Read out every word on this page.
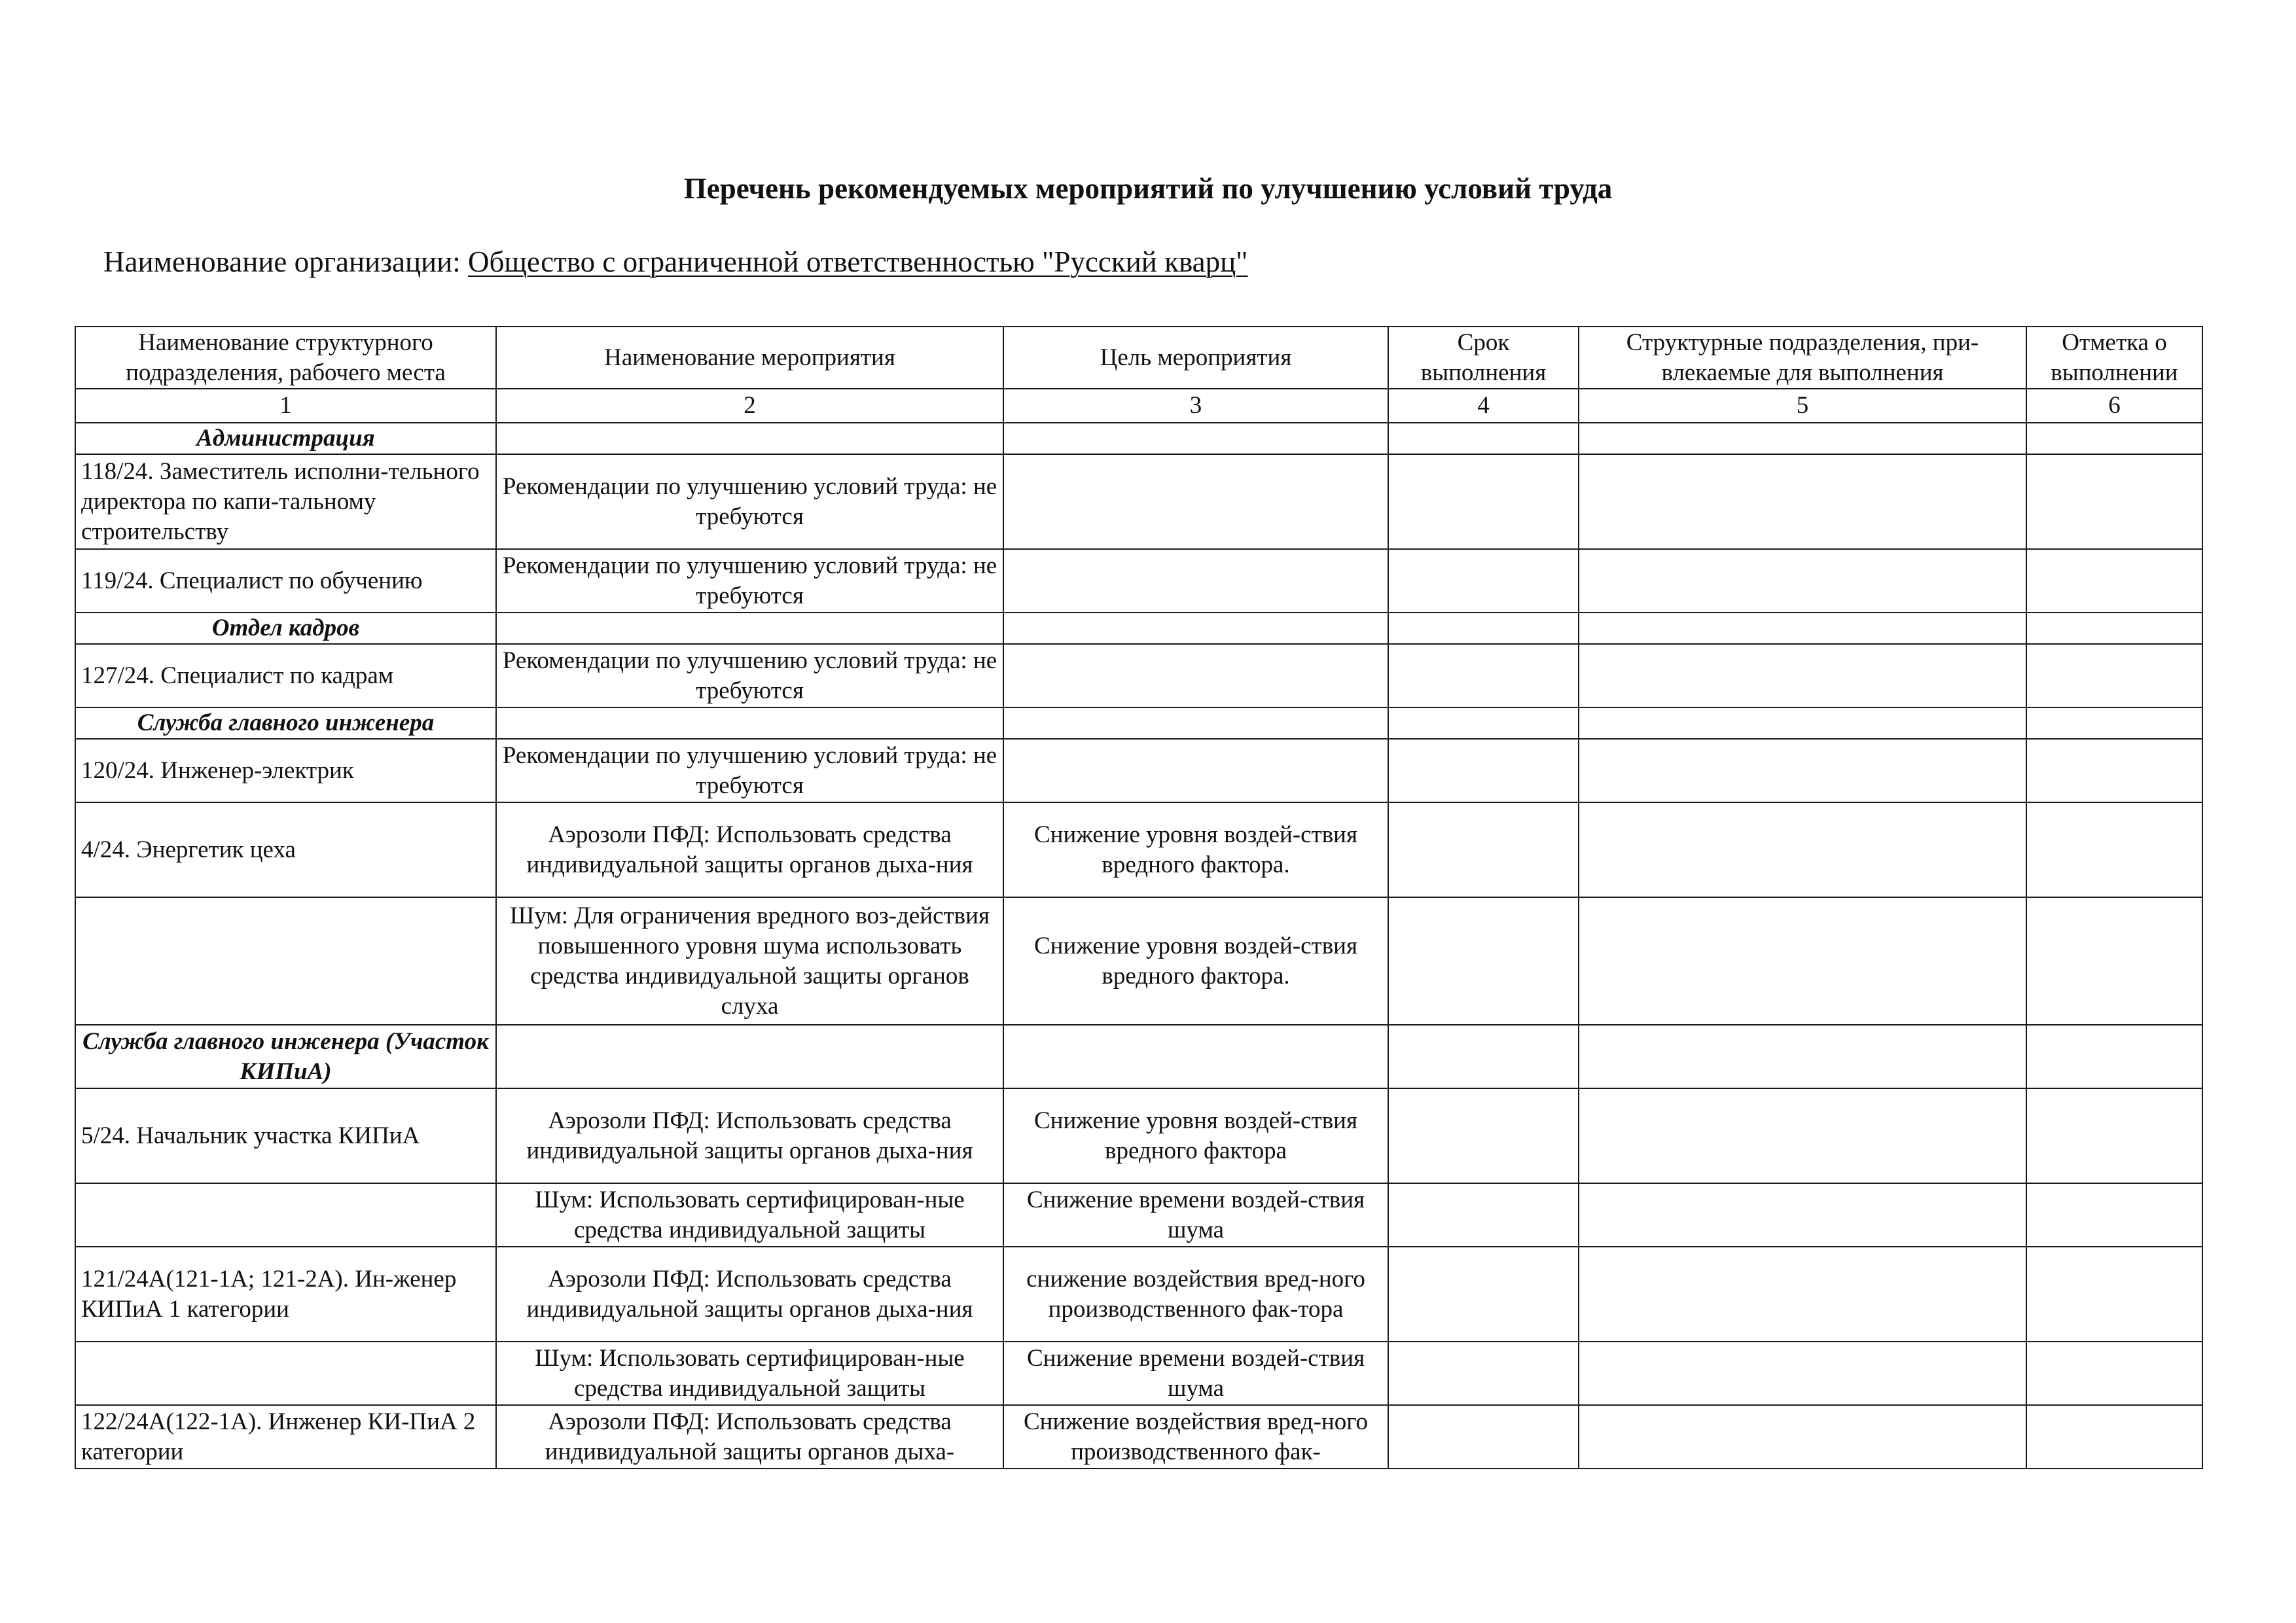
Перечень рекомендуемых мероприятий по улучшению условий труда
Наименование организации: Общество с ограниченной ответственностью "Русский кварц"
Наименование структурного подразделения, рабочего места	Наименование мероприятия	Цель мероприятия	Срок выполнения	Структурные подразделения, при-влекаемые для выполнения	Отметка о выполнении
1	2	3	4	5	6
Администрация					
118/24. Заместитель исполни-тельного директора по капи-тальному строительству	Рекомендации по улучшению условий труда: не требуются				
119/24. Специалист по обучению	Рекомендации по улучшению условий труда: не требуются				
Отдел кадров					
127/24. Специалист по кадрам	Рекомендации по улучшению условий труда: не требуются				
Служба главного инженера					
120/24. Инженер-электрик	Рекомендации по улучшению условий труда: не требуются				
4/24. Энергетик цеха	Аэрозоли ПФД: Использовать средства индивидуальной защиты органов дыха-ния	Снижение уровня воздей-ствия вредного фактора.			
	Шум: Для ограничения вредного воз-действия повышенного уровня шума использовать средства индивидуальной защиты органов слуха	Снижение уровня воздей-ствия вредного фактора.			
Служба главного инженера (Участок КИПиА)					
5/24. Начальник участка КИПиА	Аэрозоли ПФД: Использовать средства индивидуальной защиты органов дыха-ния	Снижение уровня воздей-ствия вредного фактора			
	Шум: Использовать сертифицирован-ные средства индивидуальной защиты	Снижение времени воздей-ствия шума			
121/24А(121-1А; 121-2А). Ин-женер КИПиА 1 категории	Аэрозоли ПФД: Использовать средства индивидуальной защиты органов дыха-ния	снижение воздействия вред-ного производственного фак-тора			
	Шум: Использовать сертифицирован-ные средства индивидуальной защиты	Снижение времени воздей-ствия шума			
122/24А(122-1А). Инженер КИ-ПиА 2 категории	Аэрозоли ПФД: Использовать средства индивидуальной защиты органов дыха-	Снижение воздействия вред-ного производственного фак-			
